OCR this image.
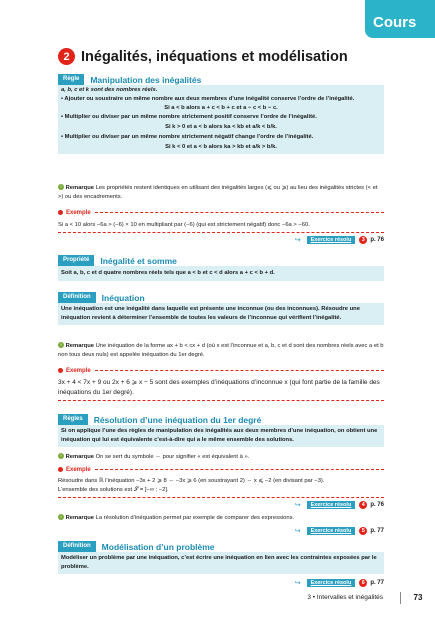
Cours
2 Inégalités, inéquations et modélisation
Règle	Manipulation des inégalités
a, b, c et k sont des nombres réels.
• Ajouter ou soustraire un même nombre aux deux membres d’une inégalité conserve l’ordre de l’inégalité.
Si a < b alors a + c < b + c et a − c < b − c.
• Multiplier ou diviser par un même nombre strictement positif conserve l’ordre de l’inégalité.
Si k > 0 et a < b alors ka < kb et a/k < b/k.
• Multiplier ou diviser par un même nombre strictement négatif change l’ordre de l’inégalité.
Si k < 0 et a < b alors ka > kb et a/k > b/k.
› Remarque Les propriétés restent identiques en utilisant des inégalités larges (⩽ ou ⩾) au lieu des inégalités strictes (< et >) ou des encadrements.
Exemple
Si a < 10 alors −6a > (−6) × 10 en multipliant par (−6) (qui est strictement négatif) donc −6a > −60.
↪	Exercice résolu	3 p. 76
Propriété	Inégalité et somme
Soit a, b, c et d quatre nombres réels tels que a < b et c < d alors a + c < b + d.
Définition	Inéquation
Une inéquation est une inégalité dans laquelle est présente une inconnue (ou des inconnues). Résoudre une inéquation revient à déterminer l’ensemble de toutes les valeurs de l’inconnue qui vérifient l’inégalité.
› Remarque Une inéquation de la forme ax + b < cx + d (où x est l’inconnue et a, b, c et d sont des nombres réels avec a et b non tous deux nuls) est appelée inéquation du 1er degré.
Exemple
3x + 4 < 7x + 9 ou 2x + 6 ⩾ x − 5 sont des exemples d’inéquations d’inconnue x (qui font partie de la famille des inéquations du 1er degré).
Règles	Résolution d’une inéquation du 1er degré
Si on applique l’une des règles de manipulation des inégalités aux deux membres d’une inéquation, on obtient une inéquation qui lui est équivalente c’est-à-dire qui a le même ensemble des solutions.
› Remarque On se sert du symbole ⇔ pour signifier « est équivalent à ».
Exemple
Résoudre dans ℝ l’inéquation −3x + 2 ⩾ 8 ⇔ −3x ⩾ 6 (en soustrayant 2) ⇔ x ⩽ −2 (en divisant par −3).
L’ensemble des solutions est 𝒮 = ]−∞ ; −2].
↪	Exercice résolu	4 p. 76
› Remarque La résolution d’inéquation permet par exemple de comparer des expressions.
↪	Exercice résolu	5 p. 77
Définition	Modélisation d’un problème
Modéliser un problème par une inéquation, c’est écrire une inéquation en lien avec les contraintes exposées par le problème.
↪	Exercice résolu	6 p. 77
3 • Intervalles et inégalités	73
